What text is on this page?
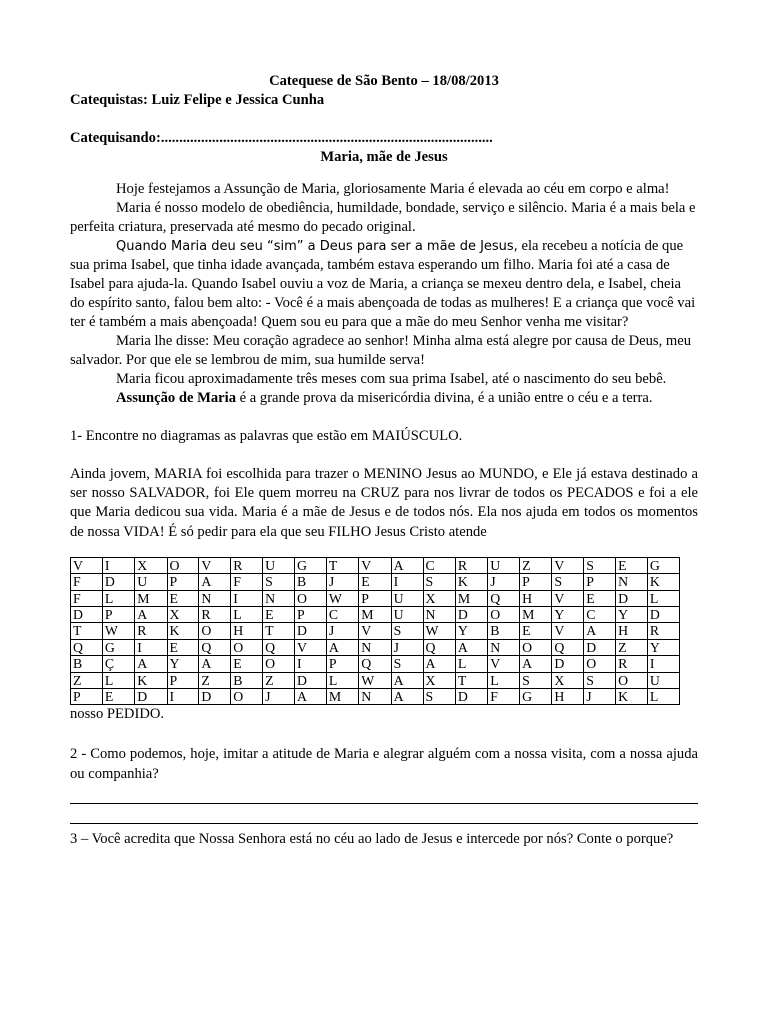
Catequese de São Bento – 18/08/2013
Catequistas: Luiz Felipe e Jessica Cunha
Catequisando:...........................................................................................
Maria, mãe de Jesus

Hoje festejamos a Assunção de Maria, gloriosamente Maria é elevada ao céu em corpo e alma!

Maria é nosso modelo de obediência, humildade, bondade, serviço e silêncio. Maria é a mais bela e perfeita criatura, preservada até mesmo do pecado original.

Quando Maria deu seu “sim” a Deus para ser a mãe de Jesus, ela recebeu a notícia de que sua prima Isabel, que tinha idade avançada, também estava esperando um filho. Maria foi até a casa de Isabel para ajuda-la. Quando Isabel ouviu a voz de Maria, a criança se mexeu dentro dela, e Isabel, cheia do espírito santo, falou bem alto: - Você é a mais abençoada de todas as mulheres! E a criança que você vai ter é também a mais abençoada! Quem sou eu para que a mãe do meu Senhor venha me visitar?

Maria lhe disse: Meu coração agradece ao senhor! Minha alma está alegre por causa de Deus, meu salvador. Por que ele se lembrou de mim, sua humilde serva!

Maria ficou aproximadamente três meses com sua prima Isabel, até o nascimento do seu bebê.

Assunção de Maria é a grande prova da misericórdia divina, é a união entre o céu e a terra.

1- Encontre no diagramas as palavras que estão em MAIÚSCULO.
Ainda jovem, MARIA foi escolhida para trazer o MENINO Jesus ao MUNDO, e Ele já estava destinado a ser nosso SALVADOR, foi Ele quem morreu na CRUZ para nos livrar de todos os PECADOS e foi a ele que Maria dedicou sua vida. Maria é a mãe de Jesus e de todos nós. Ela nos ajuda em todos os momentos de nossa VIDA! É só pedir para ela que seu FILHO Jesus Cristo atende
V	I	X	O	V	R	U	G	T	V	A	C	R	U	Z	V	S	E	G
F	D	U	P	A	F	S	B	J	E	I	S	K	J	P	S	P	N	K
F	L	M	E	N	I	N	O	W	P	U	X	M	Q	H	V	E	D	L
D	P	A	X	R	L	E	P	C	M	U	N	D	O	M	Y	C	Y	D
T	W	R	K	O	H	T	D	J	V	S	W	Y	B	E	V	A	H	R
Q	G	I	E	Q	O	Q	V	A	N	J	Q	A	N	O	Q	D	Z	Y
B	Ç	A	Y	A	E	O	I	P	Q	S	A	L	V	A	D	O	R	I
Z	L	K	P	Z	B	Z	D	L	W	A	X	T	L	S	X	S	O	U
P	E	D	I	D	O	J	A	M	N	A	S	D	F	G	H	J	K	L
nosso PEDIDO.
2 - Como podemos, hoje, imitar a atitude de Maria e alegrar alguém com a nossa visita, com a nossa ajuda ou companhia?
3 – Você acredita que Nossa Senhora está no céu ao lado de Jesus e intercede por nós? Conte o porque?
